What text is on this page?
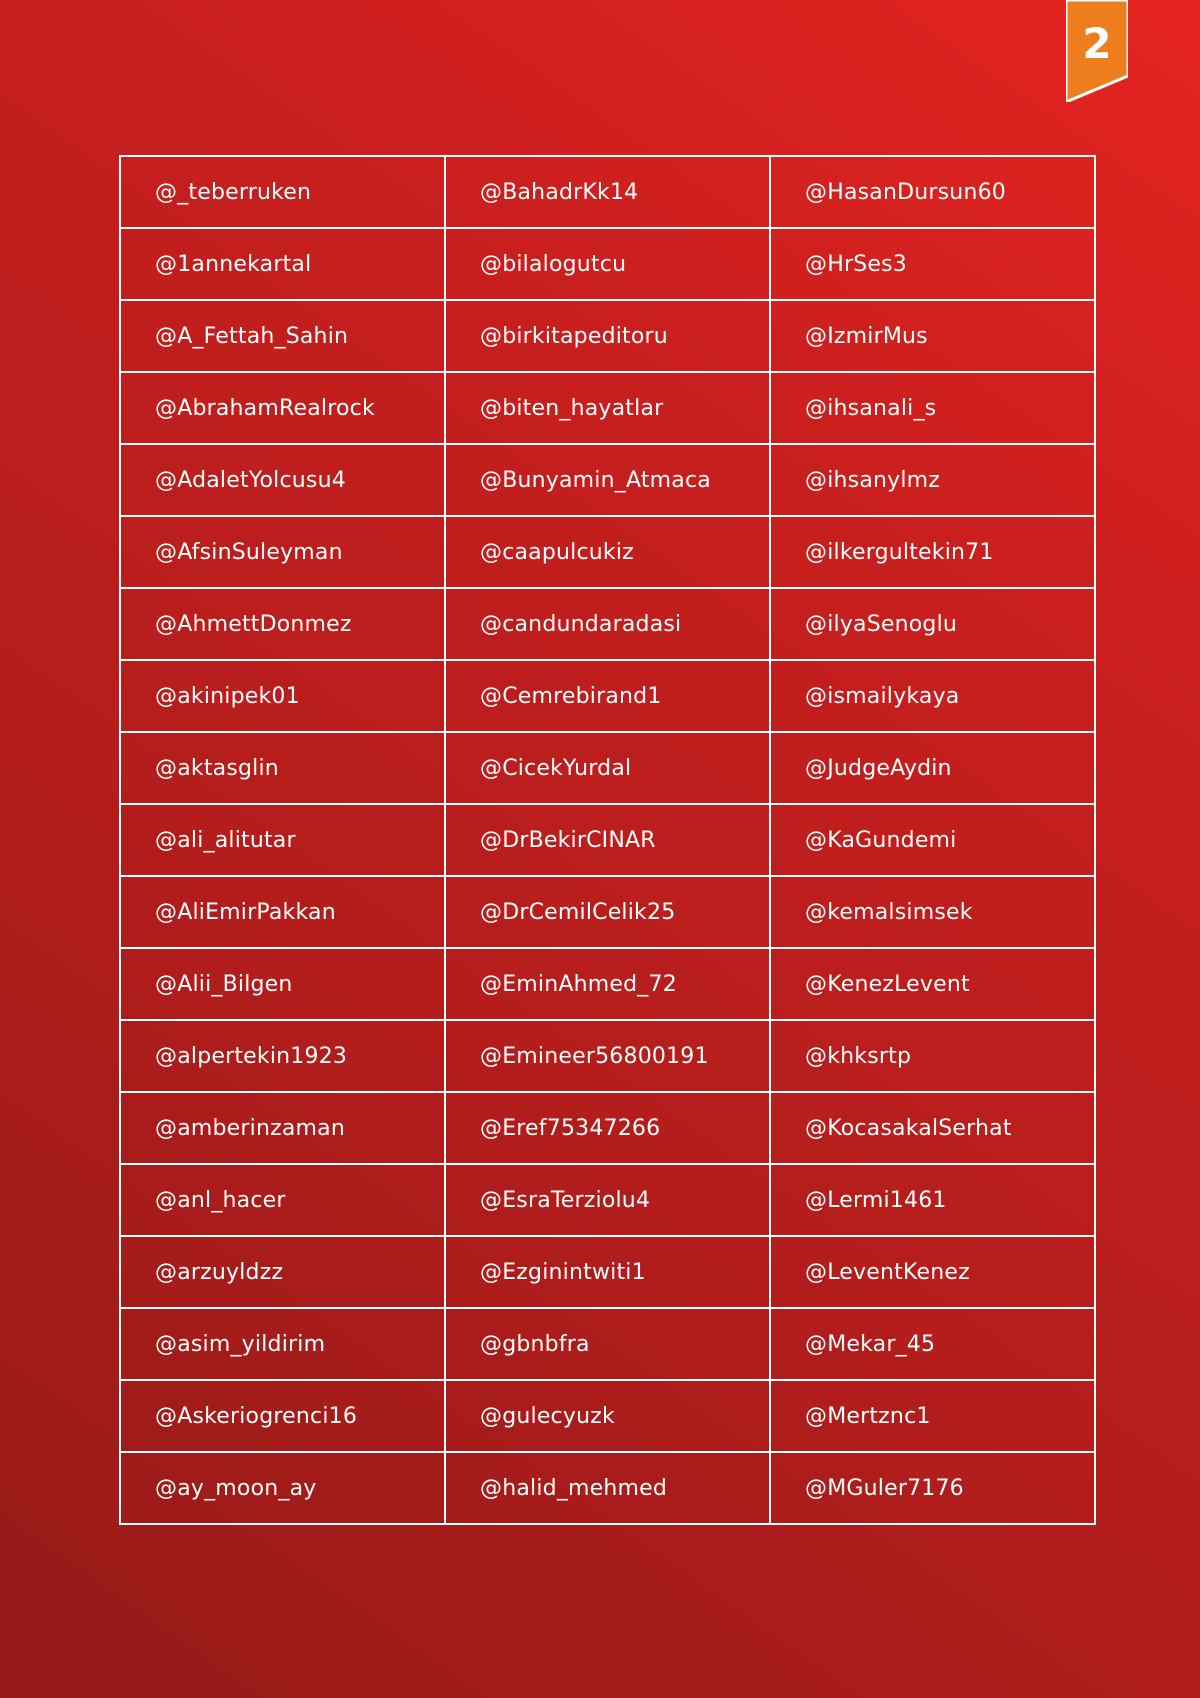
2
@_teberruken	@BahadrKk14	@HasanDursun60
@1annekartal	@bilalogutcu	@HrSes3
@A_Fettah_Sahin	@birkitapeditoru	@IzmirMus
@AbrahamRealrock	@biten_hayatlar	@ihsanali_s
@AdaletYolcusu4	@Bunyamin_Atmaca	@ihsanylmz
@AfsinSuleyman	@caapulcukiz	@ilkergultekin71
@AhmettDonmez	@candundaradasi	@ilyaSenoglu
@akinipek01	@Cemrebirand1	@ismailykaya
@aktasglin	@CicekYurdal	@JudgeAydin
@ali_alitutar	@DrBekirCINAR	@KaGundemi
@AliEmirPakkan	@DrCemilCelik25	@kemalsimsek
@Alii_Bilgen	@EminAhmed_72	@KenezLevent
@alpertekin1923	@Emineer56800191	@khksrtp
@amberinzaman	@Eref75347266	@KocasakalSerhat
@anl_hacer	@EsraTerziolu4	@Lermi1461
@arzuyldzz	@Ezginintwiti1	@LeventKenez
@asim_yildirim	@gbnbfra	@Mekar_45
@Askeriogrenci16	@gulecyuzk	@Mertznc1
@ay_moon_ay	@halid_mehmed	@MGuler7176
